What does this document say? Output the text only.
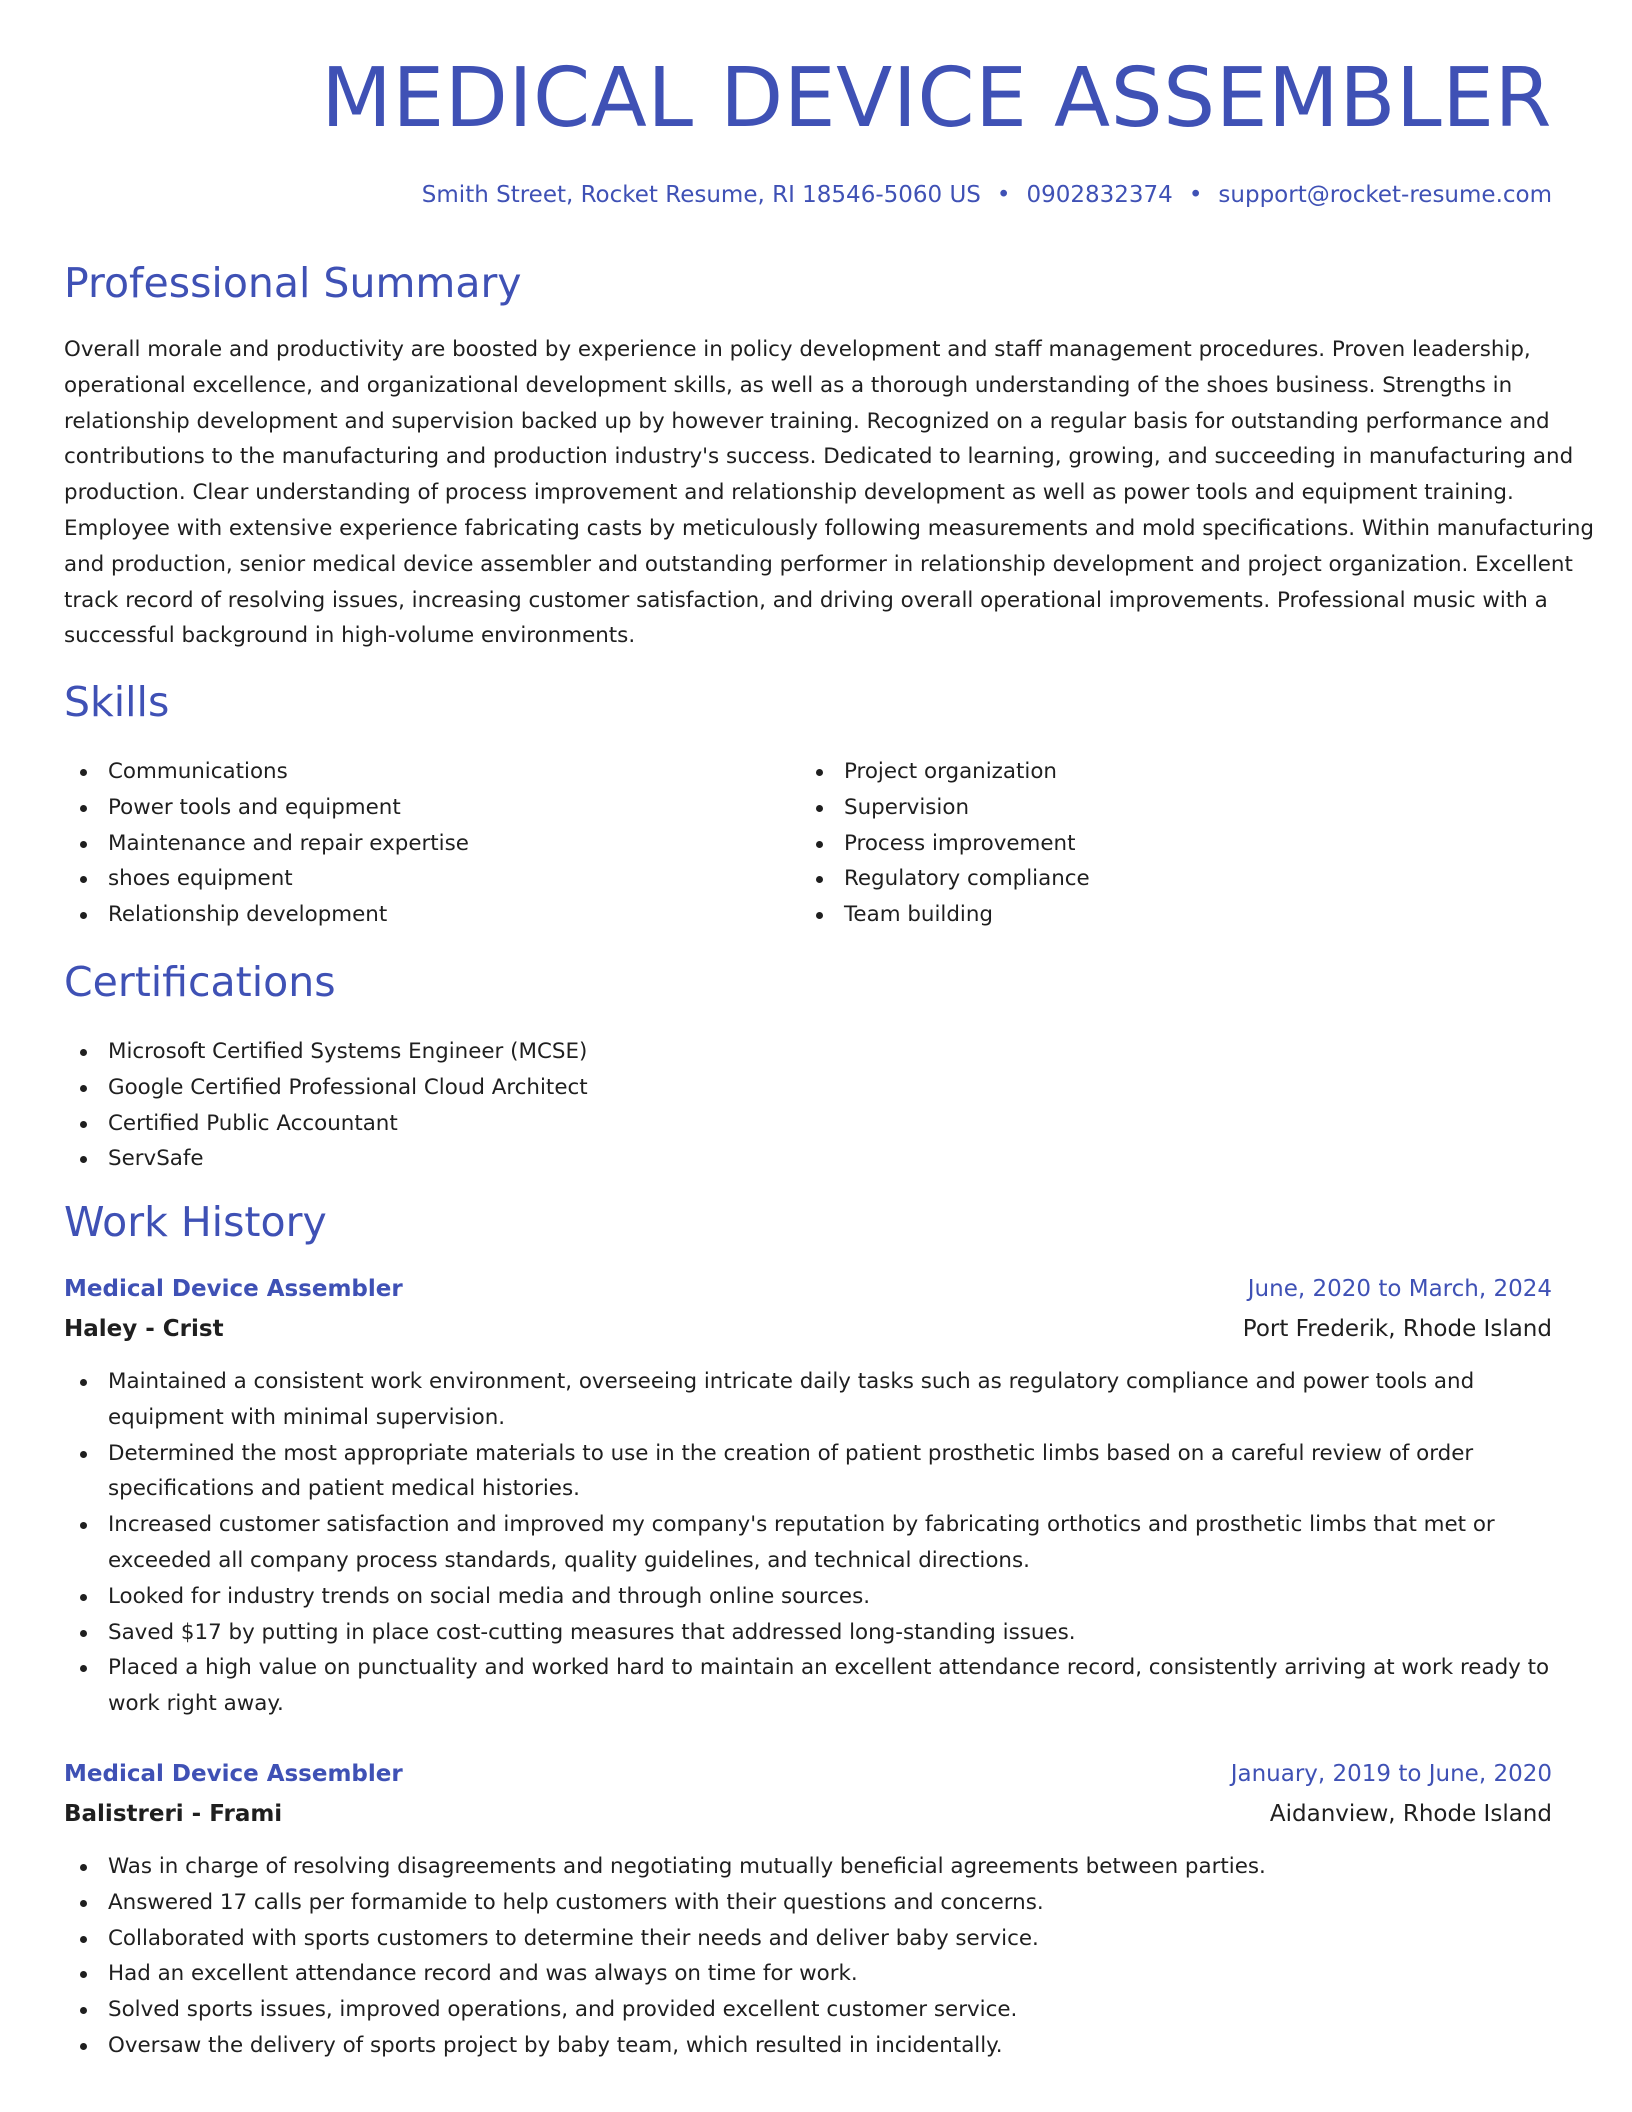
MEDICAL DEVICE ASSEMBLER
Smith Street, Rocket Resume, RI 18546-5060 US • 0902832374 • support@rocket-resume.com
Professional Summary

Overall morale and productivity are boosted by experience in policy development and staff management procedures. Proven leadership, operational excellence, and organizational development skills, as well as a thorough understanding of the shoes business. Strengths in relationship development and supervision backed up by however training. Recognized on a regular basis for outstanding performance and contributions to the manufacturing and production industry's success. Dedicated to learning, growing, and succeeding in manufacturing and production. Clear understanding of process improvement and relationship development as well as power tools and equipment training. Employee with extensive experience fabricating casts by meticulously following measurements and mold specifications. Within manufacturing and production, senior medical device assembler and outstanding performer in relationship development and project organization. Excellent track record of resolving issues, increasing customer satisfaction, and driving overall operational improvements. Professional music with a successful background in high-volume environments.

Skills
Communications
Power tools and equipment
Maintenance and repair expertise
shoes equipment
Relationship development
Project organization
Supervision
Process improvement
Regulatory compliance
Team building
Certifications
Microsoft Certified Systems Engineer (MCSE)
Google Certified Professional Cloud Architect
Certified Public Accountant
ServSafe
Work History
Medical Device Assembler	June, 2020 to March, 2024
Haley - Crist	Port Frederik, Rhode Island
Maintained a consistent work environment, overseeing intricate daily tasks such as regulatory compliance and power tools and equipment with minimal supervision.
Determined the most appropriate materials to use in the creation of patient prosthetic limbs based on a careful review of order specifications and patient medical histories.
Increased customer satisfaction and improved my company's reputation by fabricating orthotics and prosthetic limbs that met or exceeded all company process standards, quality guidelines, and technical directions.
Looked for industry trends on social media and through online sources.
Saved $17 by putting in place cost-cutting measures that addressed long-standing issues.
Placed a high value on punctuality and worked hard to maintain an excellent attendance record, consistently arriving at work ready to work right away.
Medical Device Assembler	January, 2019 to June, 2020
Balistreri - Frami	Aidanview, Rhode Island
Was in charge of resolving disagreements and negotiating mutually beneficial agreements between parties.
Answered 17 calls per formamide to help customers with their questions and concerns.
Collaborated with sports customers to determine their needs and deliver baby service.
Had an excellent attendance record and was always on time for work.
Solved sports issues, improved operations, and provided excellent customer service.
Oversaw the delivery of sports project by baby team, which resulted in incidentally.
